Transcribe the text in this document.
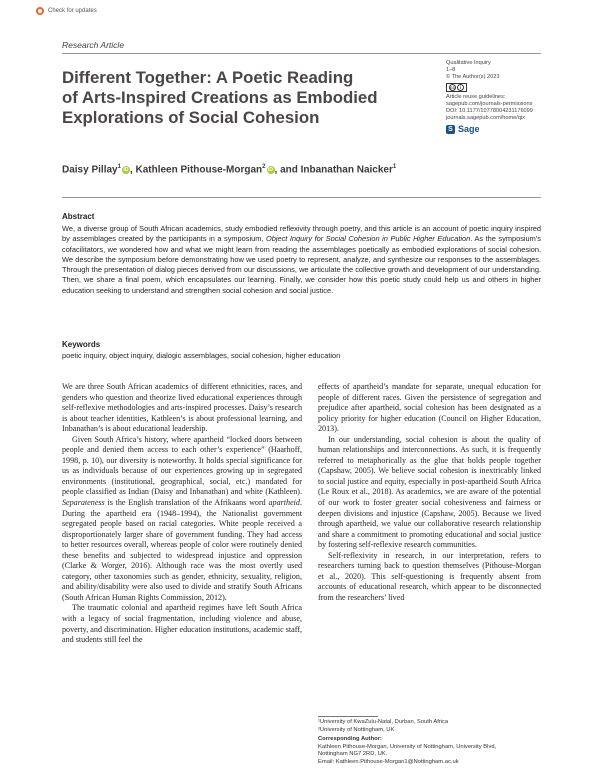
Check for updates
Research Article
Different Together: A Poetic Reading
of Arts-Inspired Creations as Embodied
Explorations of Social Cohesion
Qualitative Inquiry
1–8
© The Author(s) 2023
cc	i
Article reuse guidelines:
sagepub.com/journals-permissions
DOI: 10.1177/10778004231176099
journals.sagepub.com/home/qix
S Sage
Daisy Pillay$^1$iD , Kathleen Pithouse-Morgan$^2$iD , and Inbanathan Naicker$^1$
Abstract

We, a diverse group of South African academics, study embodied reflexivity through poetry, and this article is an account of poetic inquiry inspired by assemblages created by the participants in a symposium, Object Inquiry for Social Cohesion in Public Higher Education. As the symposium’s cofacilitators, we wondered how and what we might learn from reading the assemblages poetically as embodied explorations of social cohesion. We describe the symposium before demonstrating how we used poetry to represent, analyze, and synthesize our responses to the assemblages. Through the presentation of dialog pieces derived from our discussions, we articulate the collective growth and development of our understanding. Then, we share a final poem, which encapsulates our learning. Finally, we consider how this poetic study could help us and others in higher education seeking to understand and strengthen social cohesion and social justice.

Keywords
poetic inquiry, object inquiry, dialogic assemblages, social cohesion, higher education

We are three South African academics of different ethnicities, races, and genders who question and theorize lived educational experiences through self-reflexive methodologies and arts-inspired processes. Daisy’s research is about teacher identities, Kathleen’s is about professional learning, and Inbanathan’s is about educational leadership.

Given South Africa’s history, where apartheid “locked doors between people and denied them access to each other’s experience” (Haarhoff, 1998, p. 10), our diversity is noteworthy. It holds special significance for us as individuals because of our experiences growing up in segregated environments (institutional, geographical, social, etc.) mandated for people classified as Indian (Daisy and Inbanathan) and white (Kathleen). Separateness is the English translation of the Afrikaans word apartheid. During the apartheid era (1948–1994), the Nationalist government segregated people based on racial categories. White people received a disproportionately larger share of government funding. They had access to better resources overall, whereas people of color were routinely denied these benefits and subjected to widespread injustice and oppression (Clarke & Worger, 2016). Although race was the most overtly used category, other taxonomies such as gender, ethnicity, sexuality, religion, and ability/disability were also used to divide and stratify South Africans (South African Human Rights Commission, 2012).

The traumatic colonial and apartheid regimes have left South Africa with a legacy of social fragmentation, including violence and abuse, poverty, and discrimination. Higher education institutions, academic staff, and students still feel the

effects of apartheid’s mandate for separate, unequal education for people of different races. Given the persistence of segregation and prejudice after apartheid, social cohesion has been designated as a policy priority for higher education (Council on Higher Education, 2013).

In our understanding, social cohesion is about the quality of human relationships and interconnections. As such, it is frequently referred to metaphorically as the glue that holds people together (Capshaw, 2005). We believe social cohesion is inextricably linked to social justice and equity, especially in post-apartheid South Africa (Le Roux et al., 2018). As academics, we are aware of the potential of our work to foster greater social cohesiveness and fairness or deepen divisions and injustice (Capshaw, 2005). Because we lived through apartheid, we value our collaborative research relationship and share a commitment to promoting educational and social justice by fostering self-reflexive research communities.

Self-reflexivity in research, in our interpretation, refers to researchers turning back to question themselves (Pithouse-Morgan et al., 2020). This self-questioning is frequently absent from accounts of educational research, which appear to be disconnected from the researchers’ lived

¹University of KwaZulu-Natal, Durban, South Africa
²University of Nottingham, UK
Corresponding Author:
Kathleen Pithouse-Morgan, University of Nottingham, University Blvd,
Nottingham NG7 2RD, UK.
Email: Kathleen.Pithouse-Morgan1@Nottingham.ac.uk
